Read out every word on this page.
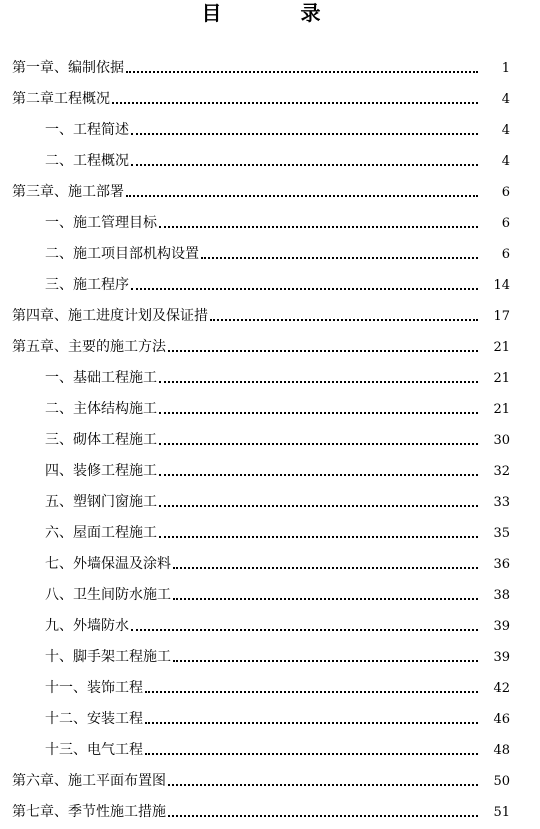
目 录
第一章、编制依据	1
第二章工程概况	4
一、工程简述	4
二、工程概况	4
第三章、施工部署	6
一、施工管理目标	6
二、施工项目部机构设置	6
三、施工程序	14
第四章、施工进度计划及保证措	17
第五章、主要的施工方法	21
一、基础工程施工	21
二、主体结构施工	21
三、砌体工程施工	30
四、装修工程施工	32
五、塑钢门窗施工	33
六、屋面工程施工	35
七、外墙保温及涂料	36
八、卫生间防水施工	38
九、外墙防水	39
十、脚手架工程施工	39
十一、装饰工程	42
十二、安装工程	46
十三、电气工程	48
第六章、施工平面布置图	50
第七章、季节性施工措施	51
